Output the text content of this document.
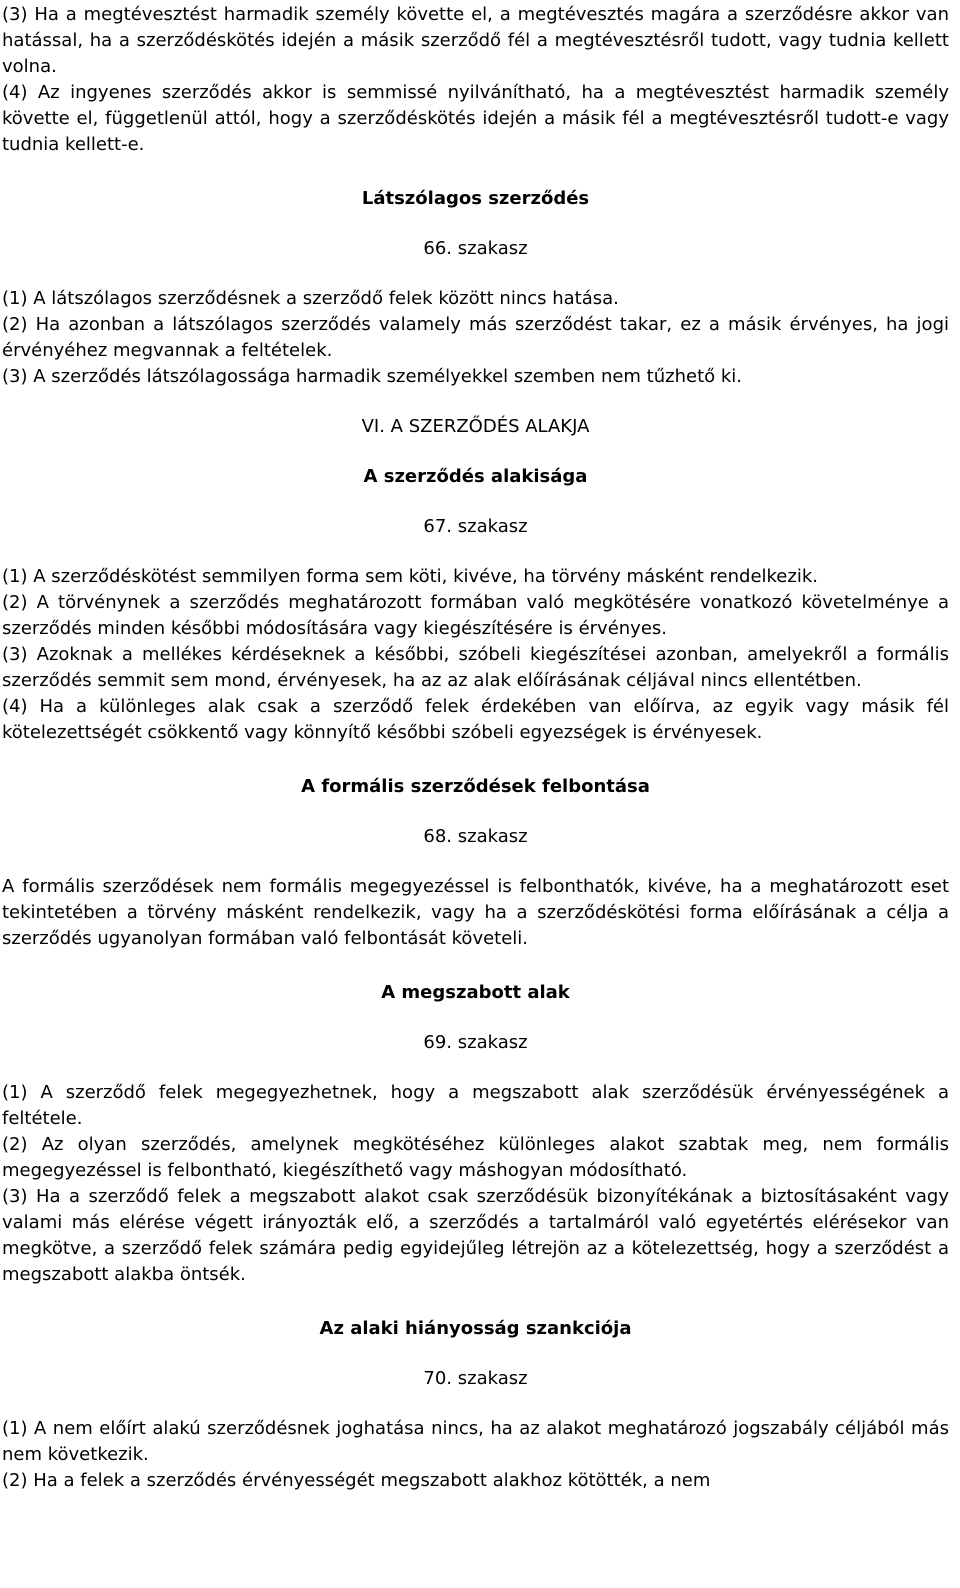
(3) Ha a megtévesztést harmadik személy követte el, a megtévesztés magára a szerződésre akkor van hatással, ha a szerződéskötés idején a másik szerződő fél a megtévesztésről tudott, vagy tudnia kellett volna.

(4) Az ingyenes szerződés akkor is semmissé nyilvánítható, ha a megtévesztést harmadik személy követte el, függetlenül attól, hogy a szerződéskötés idején a másik fél a megtévesztésről tudott-e vagy tudnia kellett-e.

Látszólagos szerződés

66. szakasz

(1) A látszólagos szerződésnek a szerződő felek között nincs hatása.

(2) Ha azonban a látszólagos szerződés valamely más szerződést takar, ez a másik érvényes, ha jogi érvényéhez megvannak a feltételek.

(3) A szerződés látszólagossága harmadik személyekkel szemben nem tűzhető ki.

VI. A SZERZŐDÉS ALAKJA

A szerződés alakisága

67. szakasz

(1) A szerződéskötést semmilyen forma sem köti, kivéve, ha törvény másként rendelkezik.

(2) A törvénynek a szerződés meghatározott formában való megkötésére vonatkozó követelménye a szerződés minden későbbi módosítására vagy kiegészítésére is érvényes.

(3) Azoknak a mellékes kérdéseknek a későbbi, szóbeli kiegészítései azonban, amelyekről a formális szerződés semmit sem mond, érvényesek, ha az az alak előírásának céljával nincs ellentétben.

(4) Ha a különleges alak csak a szerződő felek érdekében van előírva, az egyik vagy másik fél kötelezettségét csökkentő vagy könnyítő későbbi szóbeli egyezségek is érvényesek.

A formális szerződések felbontása

68. szakasz

A formális szerződések nem formális megegyezéssel is felbonthatók, kivéve, ha a meghatározott eset tekintetében a törvény másként rendelkezik, vagy ha a szerződéskötési forma előírásának a célja a szerződés ugyanolyan formában való felbontását követeli.

A megszabott alak

69. szakasz

(1) A szerződő felek megegyezhetnek, hogy a megszabott alak szerződésük érvényességének a feltétele.

(2) Az olyan szerződés, amelynek megkötéséhez különleges alakot szabtak meg, nem formális megegyezéssel is felbontható, kiegészíthető vagy máshogyan módosítható.

(3) Ha a szerződő felek a megszabott alakot csak szerződésük bizonyítékának a biztosításaként vagy valami más elérése végett irányozták elő, a szerződés a tartalmáról való egyetértés elérésekor van megkötve, a szerződő felek számára pedig egyidejűleg létrejön az a kötelezettség, hogy a szerződést a megszabott alakba öntsék.

Az alaki hiányosság szankciója

70. szakasz

(1) A nem előírt alakú szerződésnek joghatása nincs, ha az alakot meghatározó jogszabály céljából más nem következik.

(2) Ha a felek a szerződés érvényességét megszabott alakhoz kötötték, a nem
